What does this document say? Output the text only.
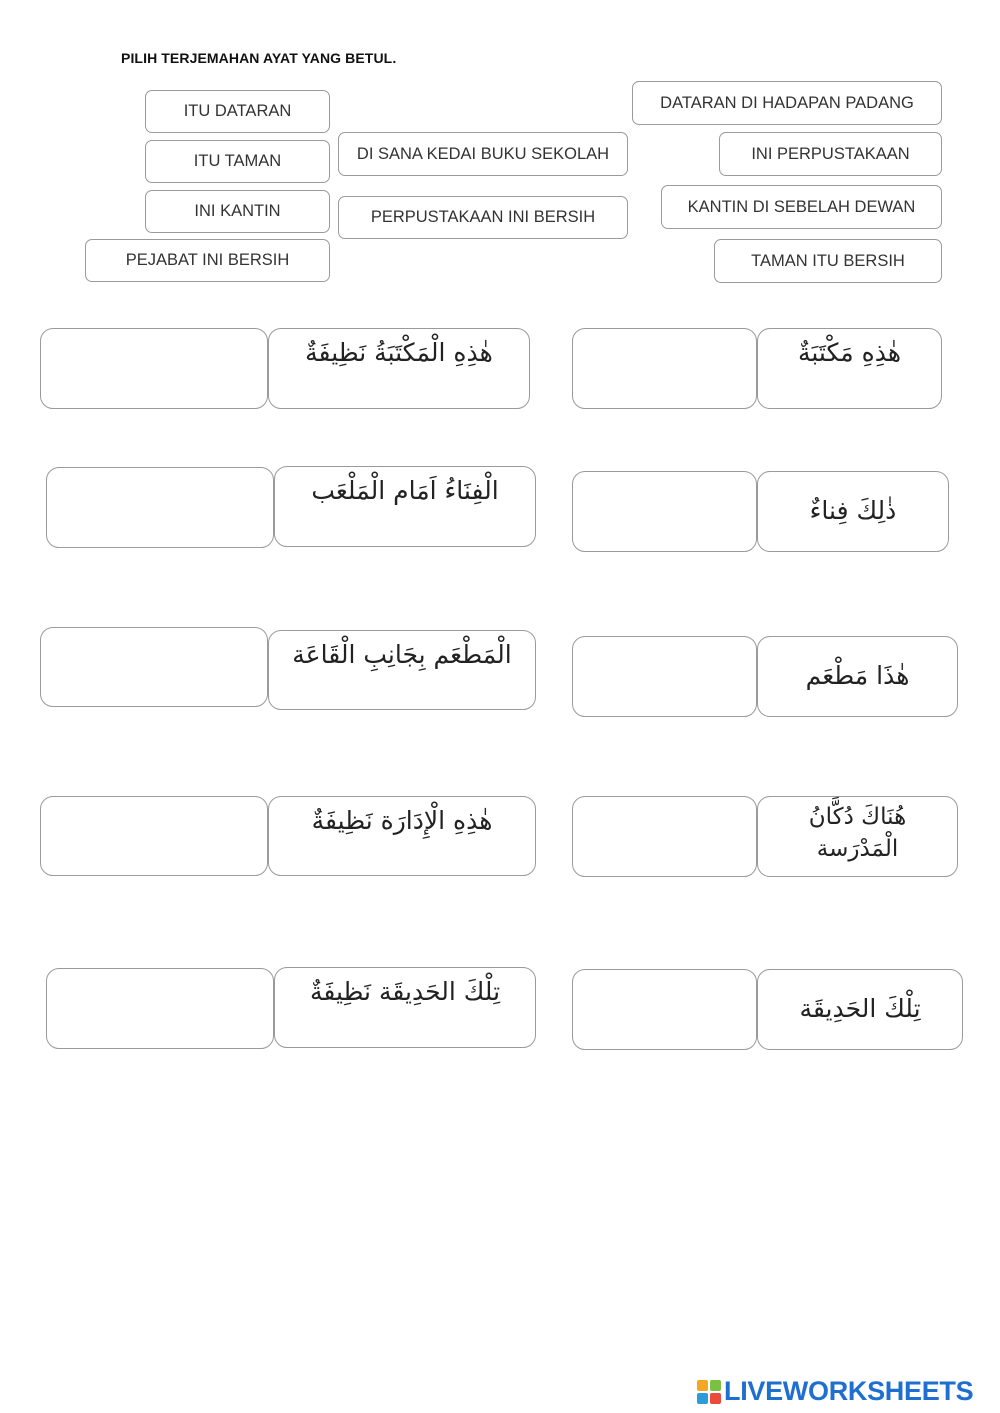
PILIH TERJEMAHAN AYAT YANG BETUL.
ITU DATARAN
ITU TAMAN
INI KANTIN
PEJABAT INI BERSIH
DI SANA KEDAI BUKU SEKOLAH
PERPUSTAKAAN INI BERSIH
DATARAN DI HADAPAN PADANG
INI PERPUSTAKAAN
KANTIN DI SEBELAH DEWAN
TAMAN ITU BERSIH
هٰذِهِ الْمَكْتَبَةُ نَظِيفَةٌ	هٰذِهِ مَكْتَبَةٌ
الْفِنَاءُ اَمَام الْمَلْعَب
ذٰلِكَ فِناءٌ
الْمَطْعَم بِجَانِبِ الْقَاعَة
هٰذَا مَطْعَم
هٰذِهِ الْإِدَارَة نَظِيفَةٌ	هُنَاكَ دُكَّانُ الْمَدْرَسة
تِلْكَ الحَدِيقَة نَظِيفَةٌ
تِلْكَ الحَدِيقَة
LIVEWORKSHEETS
